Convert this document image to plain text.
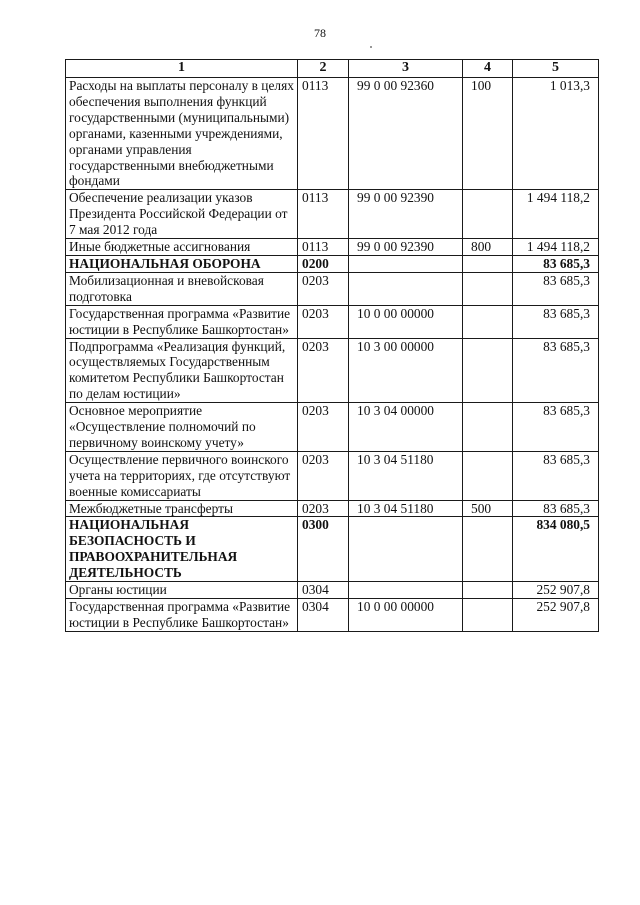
78
1	2	3	4	5
Расходы на выплаты персоналу в целях обеспечения выполнения функций государственными (муниципальными) органами, казенными учреждениями, органами управления государственными внебюджетными фондами	0113	99 0 00 92360	100	1 013,3
Обеспечение реализации указов Президента Российской Федерации от 7 мая 2012 года	0113	99 0 00 92390		1 494 118,2
Иные бюджетные ассигнования	0113	99 0 00 92390	800	1 494 118,2
НАЦИОНАЛЬНАЯ ОБОРОНА	0200			83 685,3
Мобилизационная и вневойсковая подготовка	0203			83 685,3
Государственная программа «Развитие юстиции в Республике Башкортостан»	0203	10 0 00 00000		83 685,3
Подпрограмма «Реализация функций, осуществляемых Государственным комитетом Республики Башкортостан по делам юстиции»	0203	10 3 00 00000		83 685,3
Основное мероприятие «Осуществление полномочий по первичному воинскому учету»	0203	10 3 04 00000		83 685,3
Осуществление первичного воинского учета на территориях, где отсутствуют военные комиссариаты	0203	10 3 04 51180		83 685,3
Межбюджетные трансферты	0203	10 3 04 51180	500	83 685,3
НАЦИОНАЛЬНАЯ БЕЗОПАСНОСТЬ И ПРАВООХРАНИТЕЛЬНАЯ ДЕЯТЕЛЬНОСТЬ	0300			834 080,5
Органы юстиции	0304			252 907,8
Государственная программа «Развитие юстиции в Республике Башкортостан»	0304	10 0 00 00000		252 907,8
